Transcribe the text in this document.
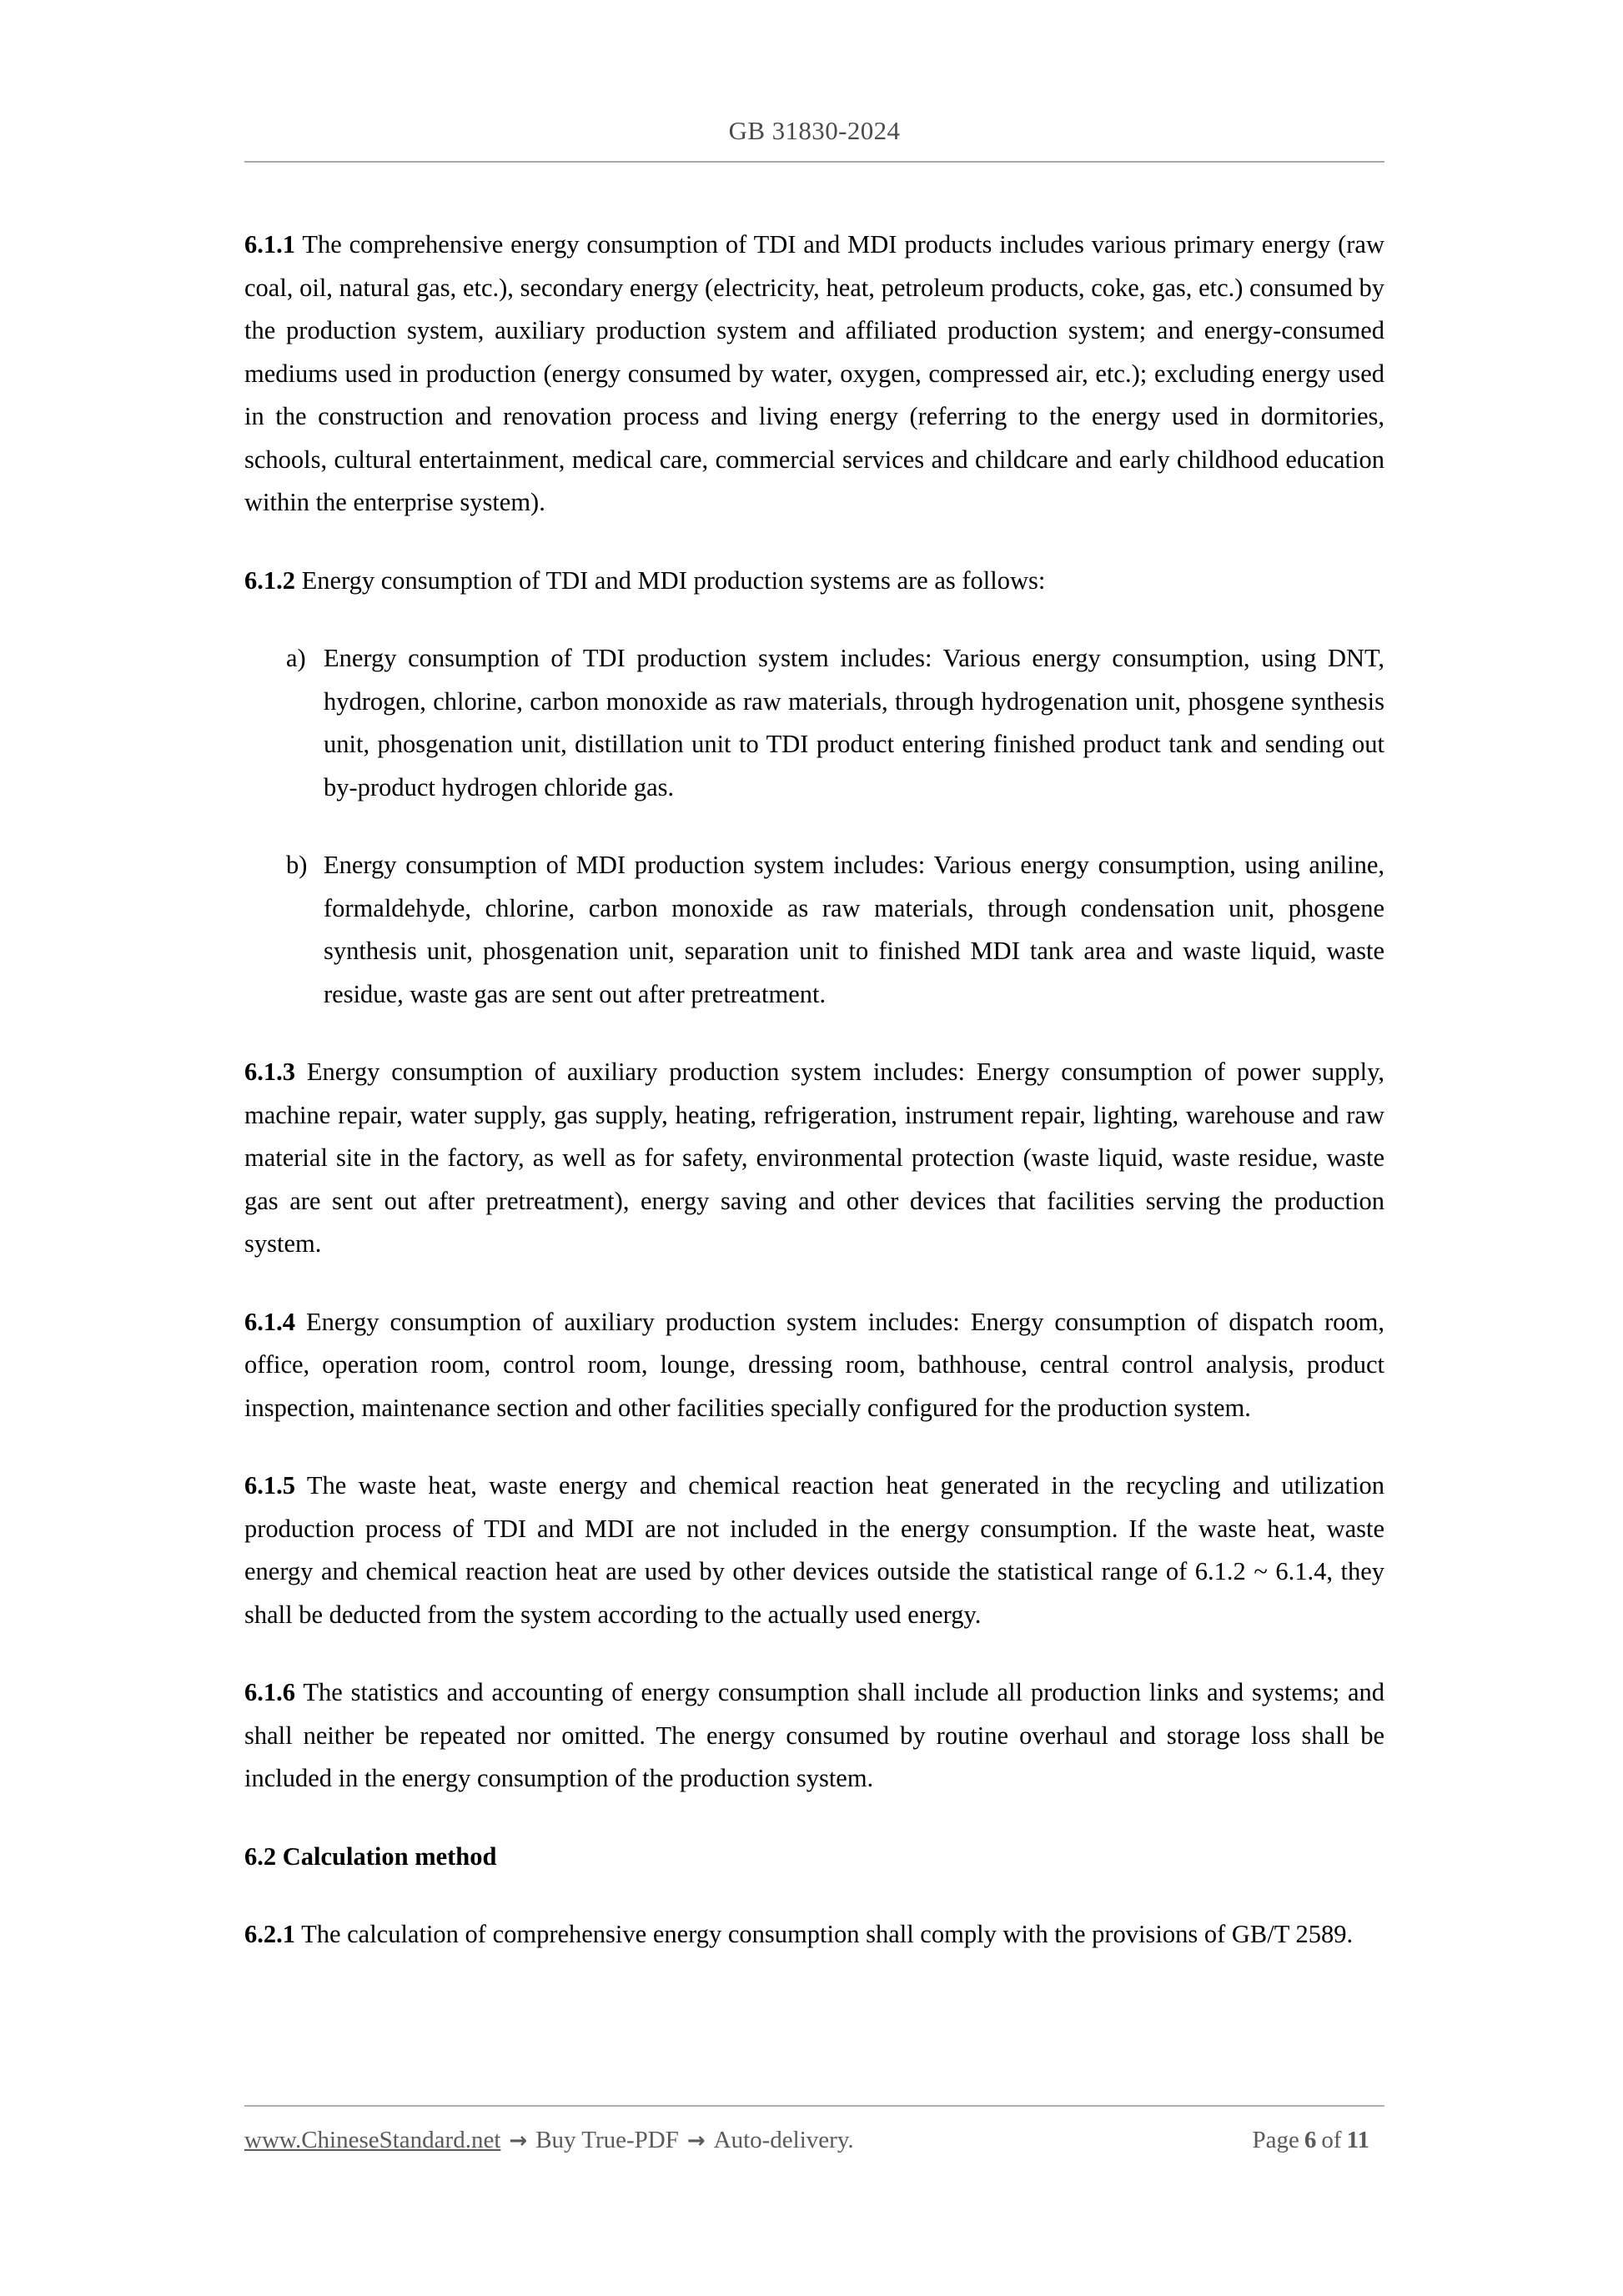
GB 31830-2024

6.1.1 The comprehensive energy consumption of TDI and MDI products includes various primary energy (raw coal, oil, natural gas, etc.), secondary energy (electricity, heat, petroleum products, coke, gas, etc.) consumed by the production system, auxiliary production system and affiliated production system; and energy-consumed mediums used in production (energy consumed by water, oxygen, compressed air, etc.); excluding energy used in the construction and renovation process and living energy (referring to the energy used in dormitories, schools, cultural entertainment, medical care, commercial services and childcare and early childhood education within the enterprise system).

6.1.2 Energy consumption of TDI and MDI production systems are as follows:

a) Energy consumption of TDI production system includes: Various energy consumption, using DNT, hydrogen, chlorine, carbon monoxide as raw materials, through hydrogenation unit, phosgene synthesis unit, phosgenation unit, distillation unit to TDI product entering finished product tank and sending out by-product hydrogen chloride gas.
b) Energy consumption of MDI production system includes: Various energy consumption, using aniline, formaldehyde, chlorine, carbon monoxide as raw materials, through condensation unit, phosgene synthesis unit, phosgenation unit, separation unit to finished MDI tank area and waste liquid, waste residue, waste gas are sent out after pretreatment.

6.1.3 Energy consumption of auxiliary production system includes: Energy consumption of power supply, machine repair, water supply, gas supply, heating, refrigeration, instrument repair, lighting, warehouse and raw material site in the factory, as well as for safety, environmental protection (waste liquid, waste residue, waste gas are sent out after pretreatment), energy saving and other devices that facilities serving the production system.

6.1.4 Energy consumption of auxiliary production system includes: Energy consumption of dispatch room, office, operation room, control room, lounge, dressing room, bathhouse, central control analysis, product inspection, maintenance section and other facilities specially configured for the production system.

6.1.5 The waste heat, waste energy and chemical reaction heat generated in the recycling and utilization production process of TDI and MDI are not included in the energy consumption. If the waste heat, waste energy and chemical reaction heat are used by other devices outside the statistical range of 6.1.2 ~ 6.1.4, they shall be deducted from the system according to the actually used energy.

6.1.6 The statistics and accounting of energy consumption shall include all production links and systems; and shall neither be repeated nor omitted. The energy consumed by routine overhaul and storage loss shall be included in the energy consumption of the production system.

6.2 Calculation method

6.2.1 The calculation of comprehensive energy consumption shall comply with the provisions of GB/T 2589.

www.ChineseStandard.net → Buy True-PDF → Auto-delivery.	Page 6 of 11
